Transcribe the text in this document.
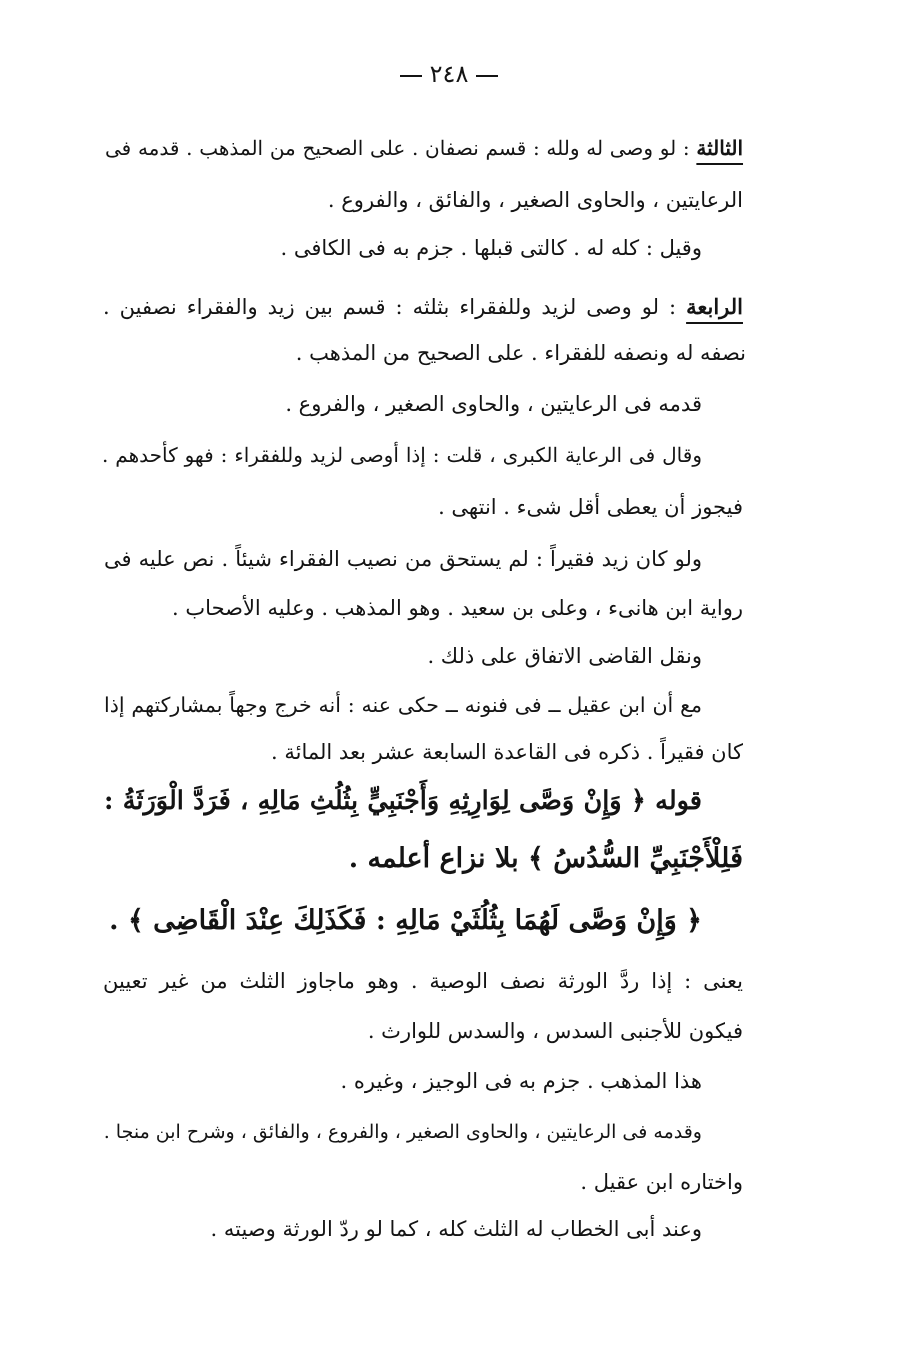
٢٤٨
الثالثة : لو وصى له ولله : قسم نصفان . على الصحيح من المذهب . قدمه فى
الرعايتين ، والحاوى الصغير ، والفائق ، والفروع .
وقيل : كله له . كالتى قبلها . جزم به فى الكافى .
الرابعة : لو وصى لزيد وللفقراء بثلثه : قسم بين زيد والفقراء نصفين .
نصفه له ونصفه للفقراء . على الصحيح من المذهب .
قدمه فى الرعايتين ، والحاوى الصغير ، والفروع .
وقال فى الرعاية الكبرى ، قلت : إذا أوصى لزيد وللفقراء : فهو كأحدهم .
فيجوز أن يعطى أقل شىء . انتهى .
ولو كان زيد فقيراً : لم يستحق من نصيب الفقراء شيئاً . نص عليه فى
رواية ابن هانىء ، وعلى بن سعيد . وهو المذهب . وعليه الأصحاب .
ونقل القاضى الاتفاق على ذلك .
مع أن ابن عقيل ــ فى فنونه ــ حكى عنه : أنه خرج وجهاً بمشاركتهم إذا
كان فقيراً . ذكره فى القاعدة السابعة عشر بعد المائة .
قوله ﴿ وَإِنْ وَصَّى لِوَارِثِهِ وَأَجْنَبِيٍّ بِثُلُثِ مَالِهِ ، فَرَدَّ الْوَرَثَةُ :
فَلِلْأَجْنَبِيِّ السُّدُسُ ﴾ بلا نزاع أعلمه .
﴿ وَإِنْ وَصَّى لَهُمَا بِثُلُثَيْ مَالِهِ : فَكَذَلِكَ عِنْدَ الْقَاضِى ﴾ .
يعنى : إذا ردَّ الورثة نصف الوصية . وهو ماجاوز الثلث من غير تعيين
فيكون للأجنبى السدس ، والسدس للوارث .
هذا المذهب . جزم به فى الوجيز ، وغيره .
وقدمه فى الرعايتين ، والحاوى الصغير ، والفروع ، والفائق ، وشرح ابن منجا .
واختاره ابن عقيل .
وعند أبى الخطاب له الثلث كله ، كما لو ردّ الورثة وصيته .
